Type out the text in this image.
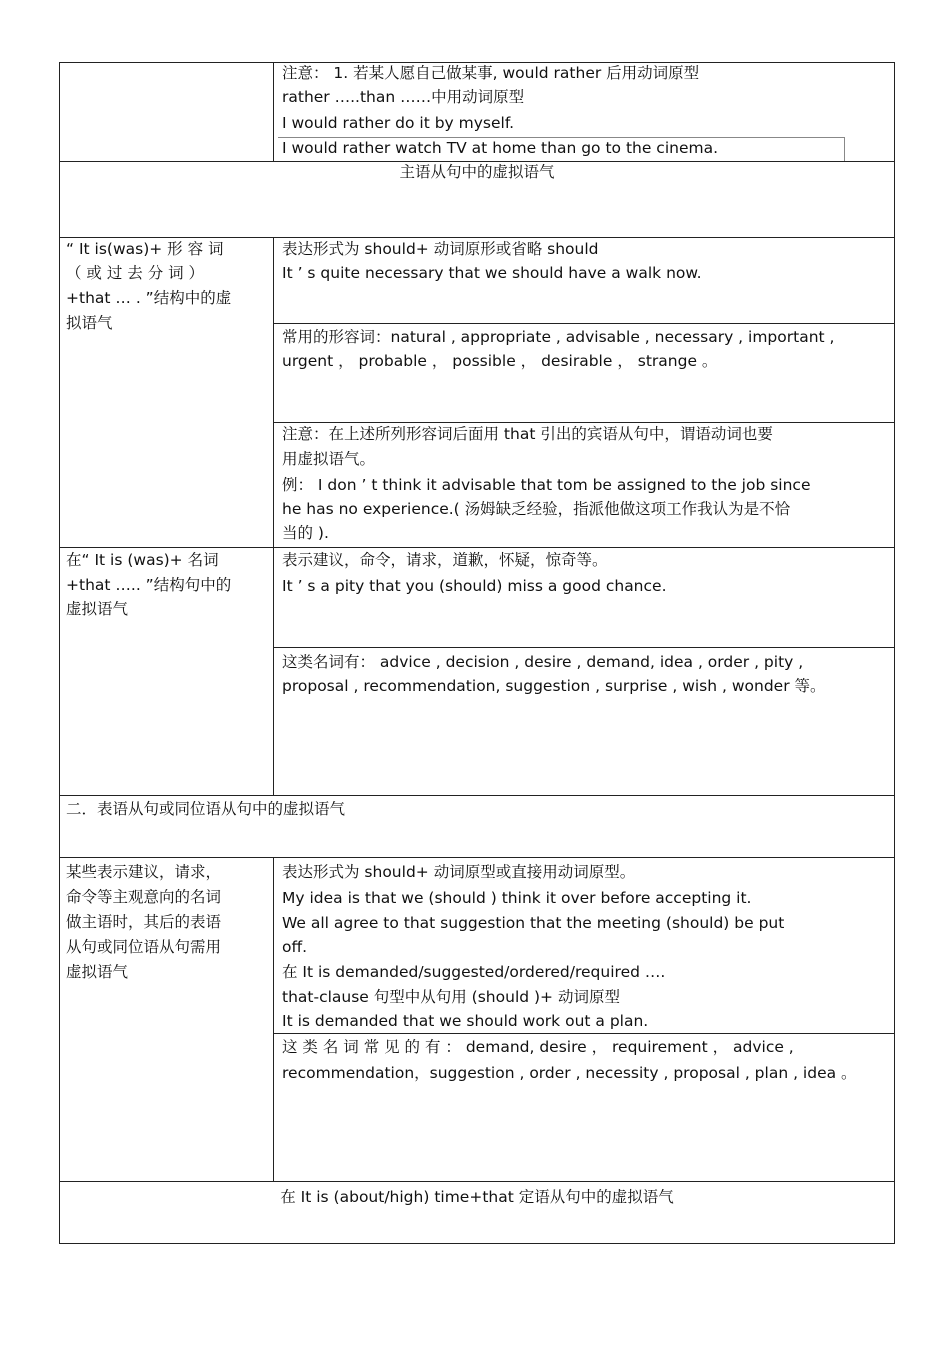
注意： 1. 若某人愿自己做某事, would rather 后用动词原型
rather …..than ……中用动词原型
I would rather do it by myself.
I would rather watch TV at home than go to the cinema.
主语从句中的虚拟语气
“ It is(was)+ 形 容 词
（ 或 过 去 分 词 ）
+that … . ”结构中的虚
拟语气
表达形式为 should+ 动词原形或省略 should
It ’ s quite necessary that we should have a walk now.
常用的形容词：natural , appropriate , advisable , necessary , important ,
urgent ， probable ， possible ， desirable ， strange 。
注意：在上述所列形容词后面用 that 引出的宾语从句中，谓语动词也要
用虚拟语气。
例： I don ’ t think it advisable that tom be assigned to the job since
he has no experience.( 汤姆缺乏经验，指派他做这项工作我认为是不恰
当的 ).
在“ It is (was)+ 名词
+that ….. ”结构句中的
虚拟语气
表示建议，命令，请求，道歉，怀疑，惊奇等。
It ’ s a pity that you (should) miss a good chance.
这类名词有： advice , decision , desire , demand, idea , order , pity ,
proposal , recommendation, suggestion , surprise , wish , wonder 等。
二．表语从句或同位语从句中的虚拟语气
某些表示建议，请求，
命令等主观意向的名词
做主语时，其后的表语
从句或同位语从句需用
虚拟语气
表达形式为 should+ 动词原型或直接用动词原型。
My idea is that we (should ) think it over before accepting it.
We all agree to that suggestion that the meeting (should) be put
off.
在 It is demanded/suggested/ordered/required ….
that-clause 句型中从句用 (should )+ 动词原型
It is demanded that we should work out a plan.
这 类 名 词 常 见 的 有 ： demand, desire ， requirement ， advice ,
recommendation，suggestion , order , necessity , proposal , plan , idea 。
在 It is (about/high) time+that 定语从句中的虚拟语气
